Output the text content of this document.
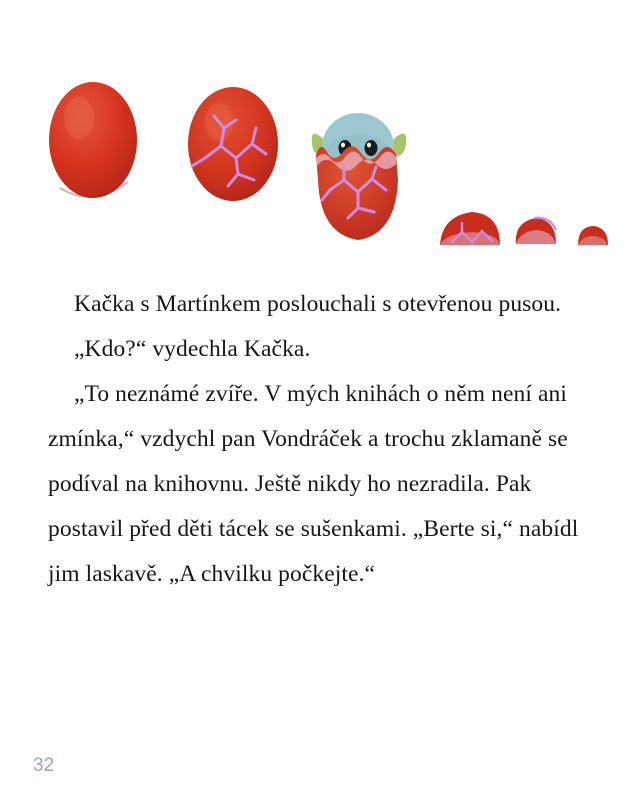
Kačka s Martínkem poslouchali s otevřenou pusou.

„Kdo?“ vydechla Kačka.

„To neznámé zvíře. V mých knihách o něm není ani zmínka,“ vzdychl pan Vondráček a trochu zklamaně se podíval na knihovnu. Ještě nikdy ho nezradila. Pak postavil před děti tácek se sušenkami. „Berte si,“ nabídl jim laskavě. „A chvilku počkejte.“

32
